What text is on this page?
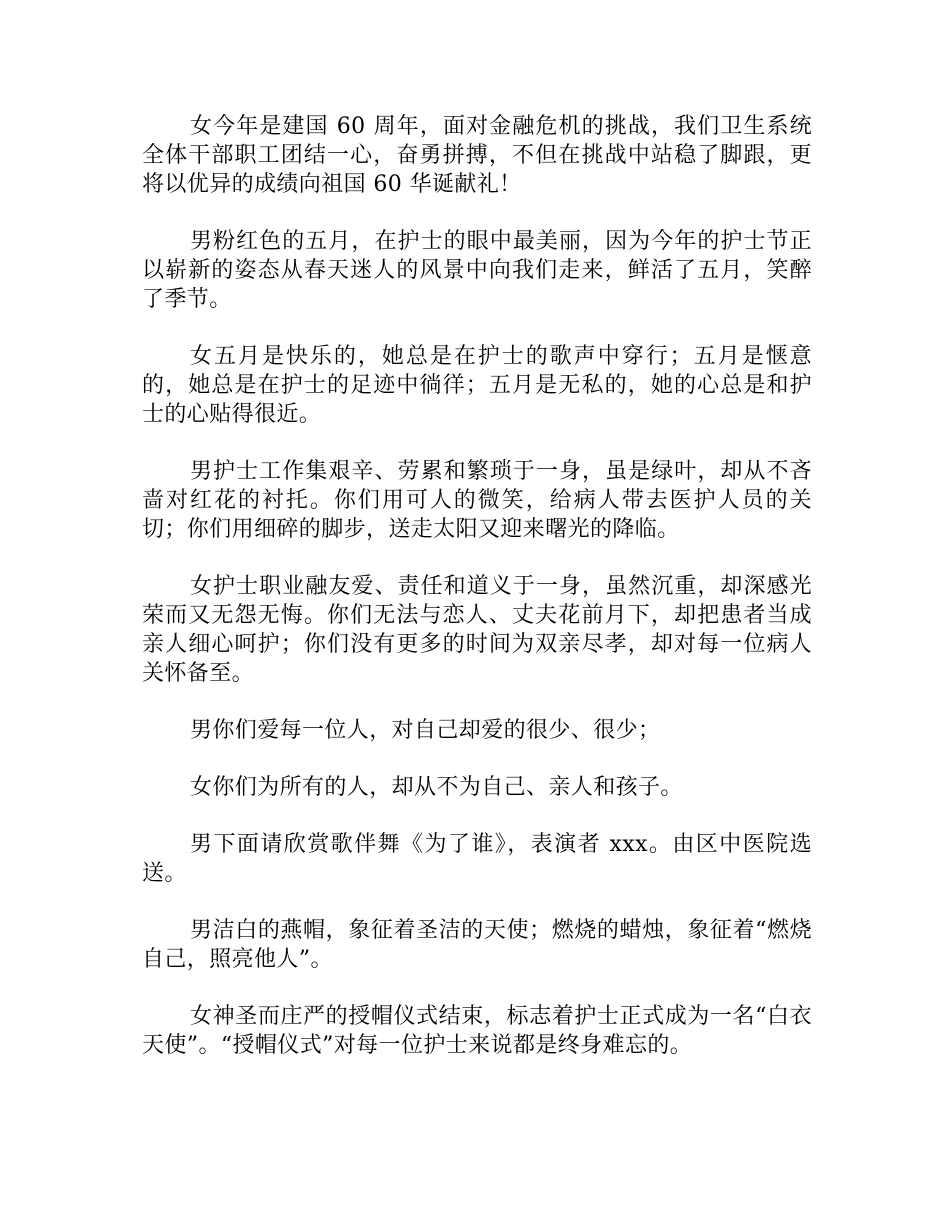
女今年是建国 60 周年，面对金融危机的挑战，我们卫生系统全体干部职工团结一心，奋勇拼搏，不但在挑战中站稳了脚跟，更将以优异的成绩向祖国 60 华诞献礼！

男粉红色的五月，在护士的眼中最美丽，因为今年的护士节正以崭新的姿态从春天迷人的风景中向我们走来，鲜活了五月，笑醉了季节。

女五月是快乐的，她总是在护士的歌声中穿行；五月是惬意的，她总是在护士的足迹中徜徉；五月是无私的，她的心总是和护士的心贴得很近。

男护士工作集艰辛、劳累和繁琐于一身，虽是绿叶，却从不吝啬对红花的衬托。你们用可人的微笑，给病人带去医护人员的关切；你们用细碎的脚步，送走太阳又迎来曙光的降临。

女护士职业融友爱、责任和道义于一身，虽然沉重，却深感光荣而又无怨无悔。你们无法与恋人、丈夫花前月下，却把患者当成亲人细心呵护；你们没有更多的时间为双亲尽孝，却对每一位病人关怀备至。

男你们爱每一位人，对自己却爱的很少、很少；

女你们为所有的人，却从不为自己、亲人和孩子。

男下面请欣赏歌伴舞《为了谁》，表演者 xxx。由区中医院选送。

男洁白的燕帽，象征着圣洁的天使；燃烧的蜡烛，象征着“燃烧自己，照亮他人”。

女神圣而庄严的授帽仪式结束，标志着护士正式成为一名“白衣天使”。“授帽仪式”对每一位护士来说都是终身难忘的。
